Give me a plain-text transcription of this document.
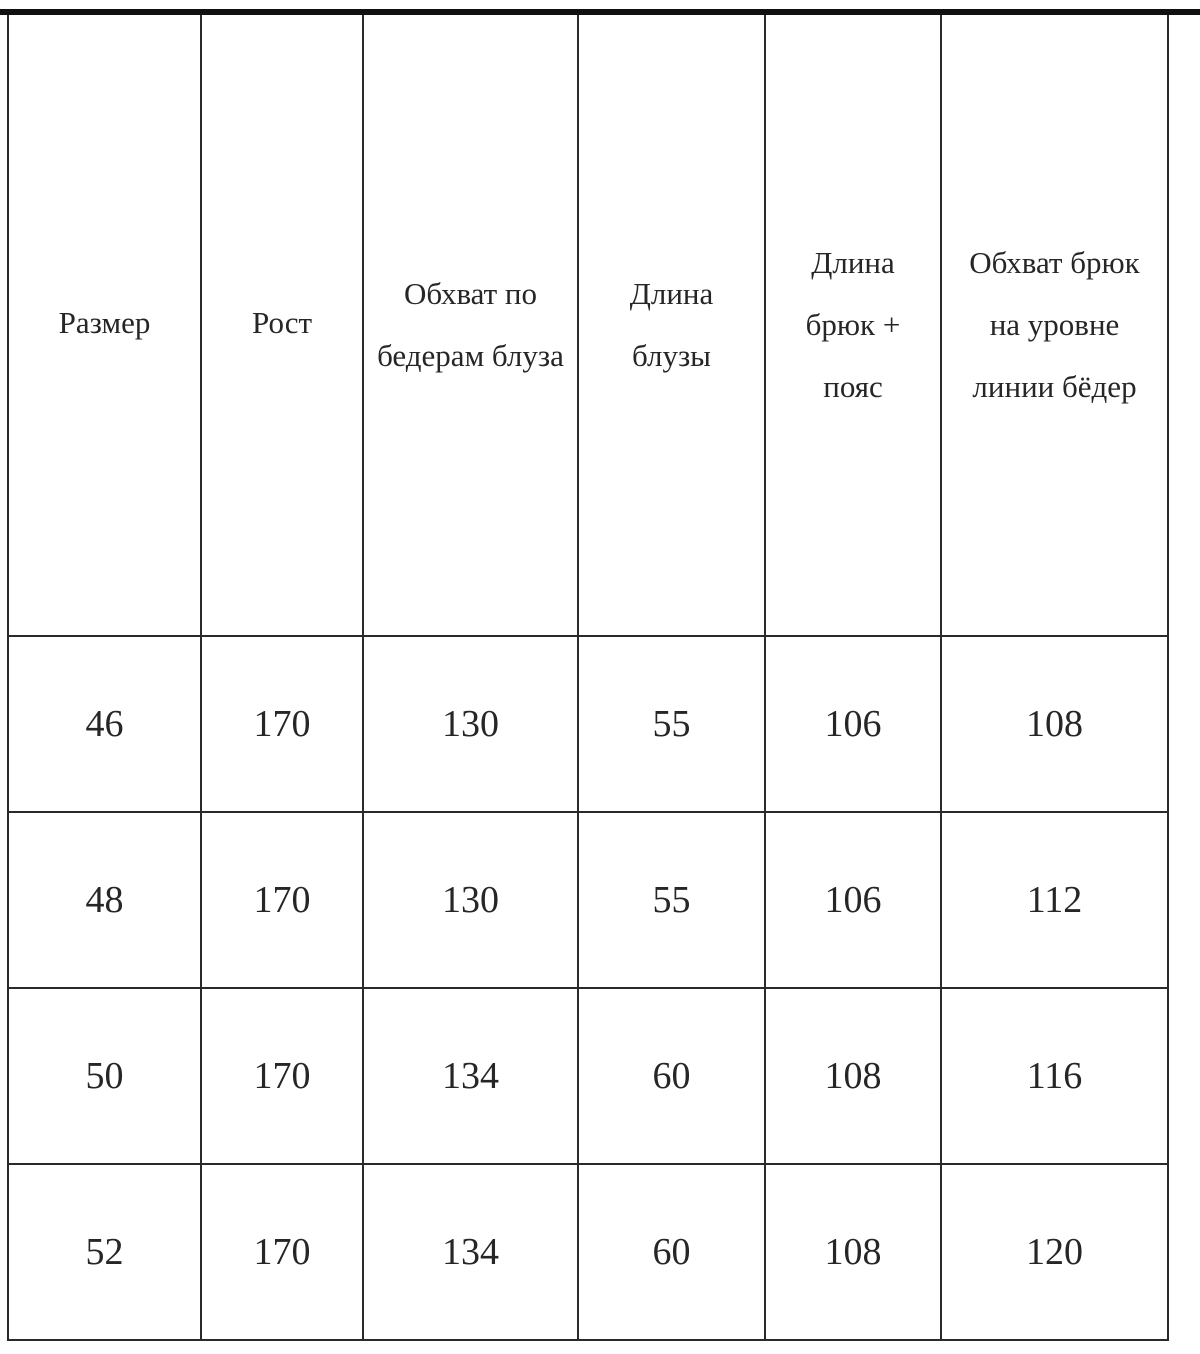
Размер	Рост	Обхват по бедерам блуза	Длина блузы	Длина брюк + пояс	Обхват брюк на уровне линии бёдер
46	170	130	55	106	108
48	170	130	55	106	112
50	170	134	60	108	116
52	170	134	60	108	120
